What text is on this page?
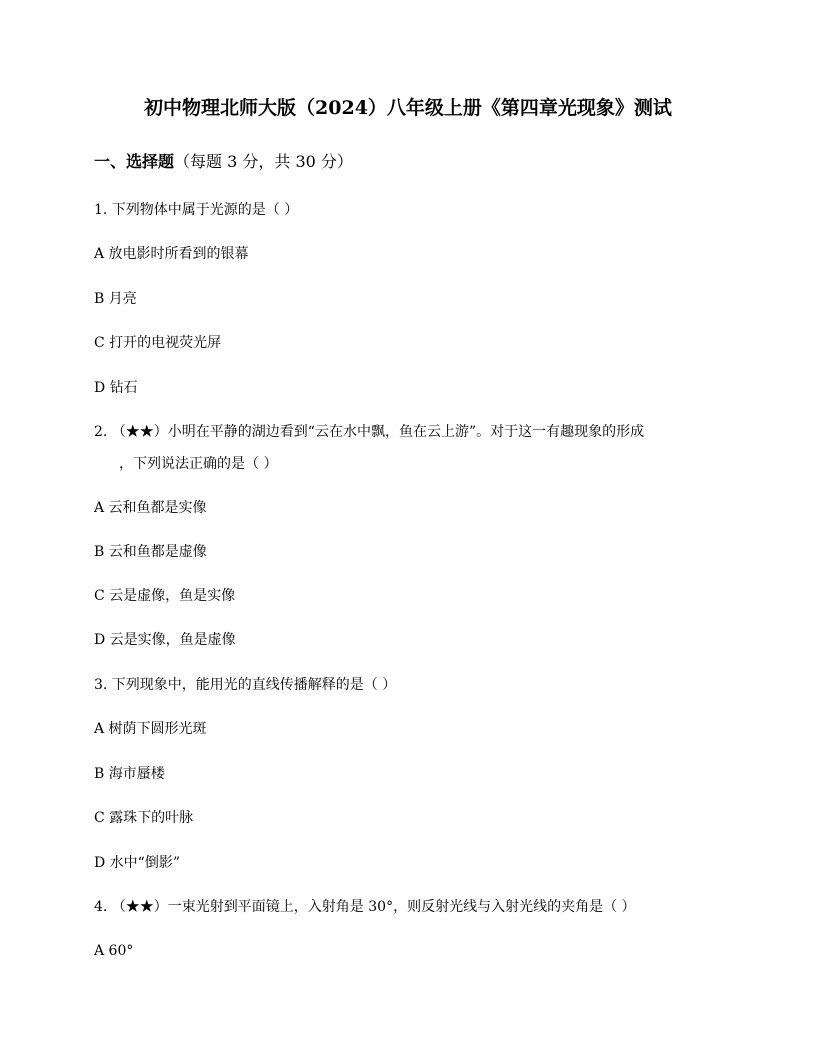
初中物理北师大版（2024）八年级上册《第四章光现象》测试
一、选择题（每题 3 分，共 30 分）
1. 下列物体中属于光源的是（ ）
A 放电影时所看到的银幕
B 月亮
C 打开的电视荧光屏
D 钻石
2. （★★）小明在平静的湖边看到“云在水中飘，鱼在云上游”。对于这一有趣现象的形成
，下列说法正确的是（ ）
A 云和鱼都是实像
B 云和鱼都是虚像
C 云是虚像，鱼是实像
D 云是实像，鱼是虚像
3. 下列现象中，能用光的直线传播解释的是（ ）
A 树荫下圆形光斑
B 海市蜃楼
C 露珠下的叶脉
D 水中“倒影”
4. （★★）一束光射到平面镜上，入射角是 30°，则反射光线与入射光线的夹角是（ ）
A 60°
